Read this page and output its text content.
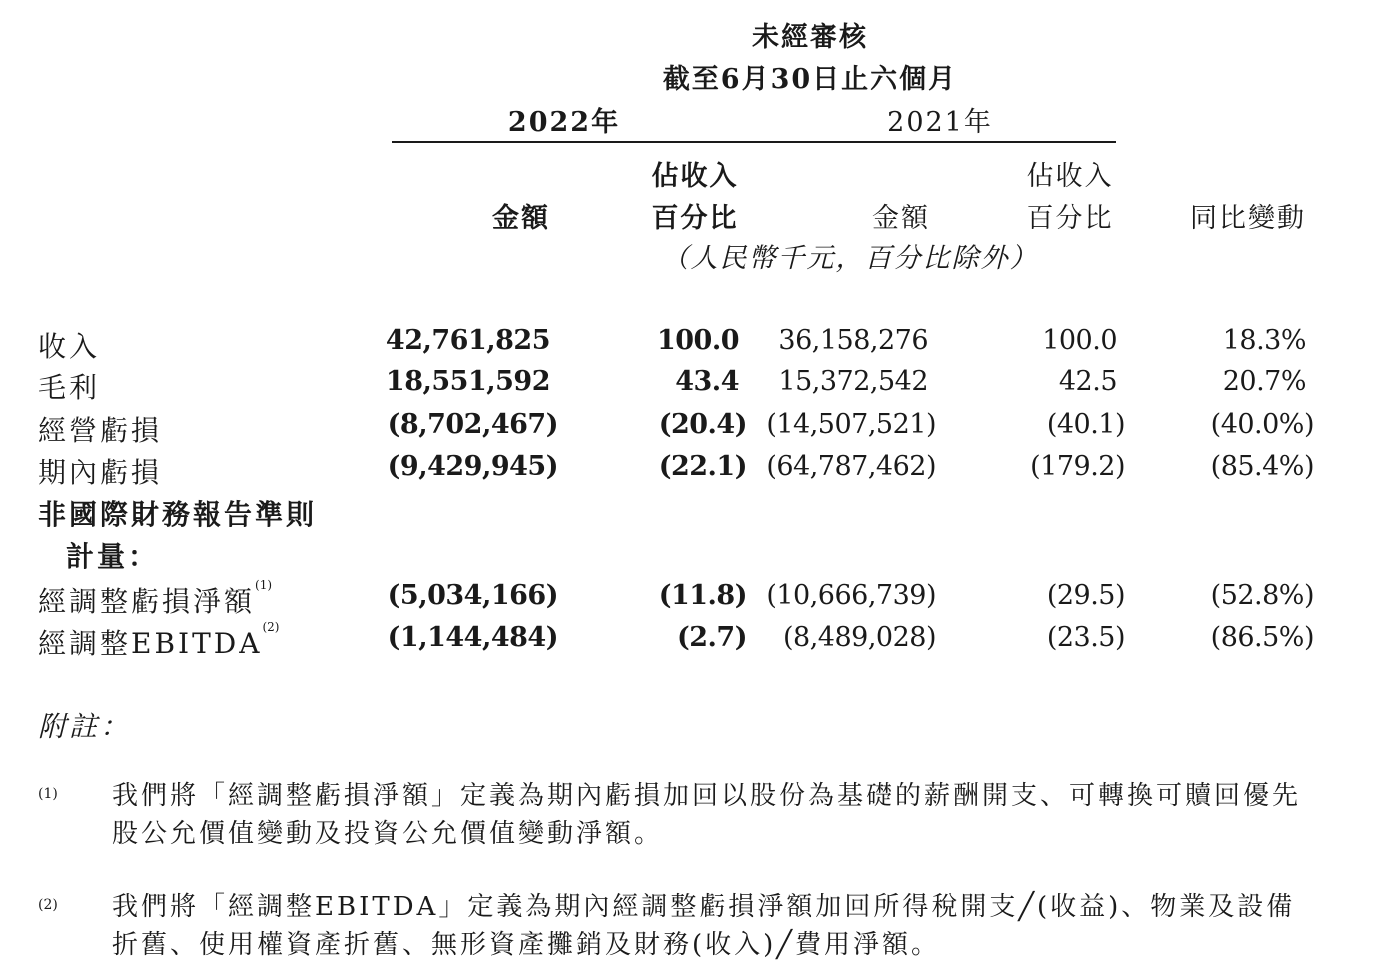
未經審核
截至6月30日止六個月
2022年	2021年
金額
佔收入
百分比	金額
佔收入
百分比	同比變動
（人民幣千元，百分比除外）
收入	42,761,825	100.0	36,158,276	100.0	18.3%
毛利	18,551,592	43.4	15,372,542	42.5	20.7%
經營虧損	(8,702,467)	(20.4) (14,507,521)	(40.1)	(40.0%)
期內虧損	(9,429,945)	(22.1) (64,787,462)	(179.2)	(85.4%)
非國際財務報告準則
計量：
經調整虧損淨額$^{(1)}$	(5,034,166)	(11.8) (10,666,739)	(29.5)	(52.8%)
經調整EBITDA$^{(2)}$	(1,144,484)	(2.7)	(8,489,028)	(23.5)	(86.5%)
附註：
(1) 我們將「經調整虧損淨額」定義為期內虧損加回以股份為基礎的薪酬開支、可轉換可贖回優先股公允價值變動及投資公允價值變動淨額。
(2) 我們將「經調整EBITDA」定義為期內經調整虧損淨額加回所得稅開支╱(收益)、物業及設備折舊、使用權資產折舊、無形資產攤銷及財務(收入)╱費用淨額。
